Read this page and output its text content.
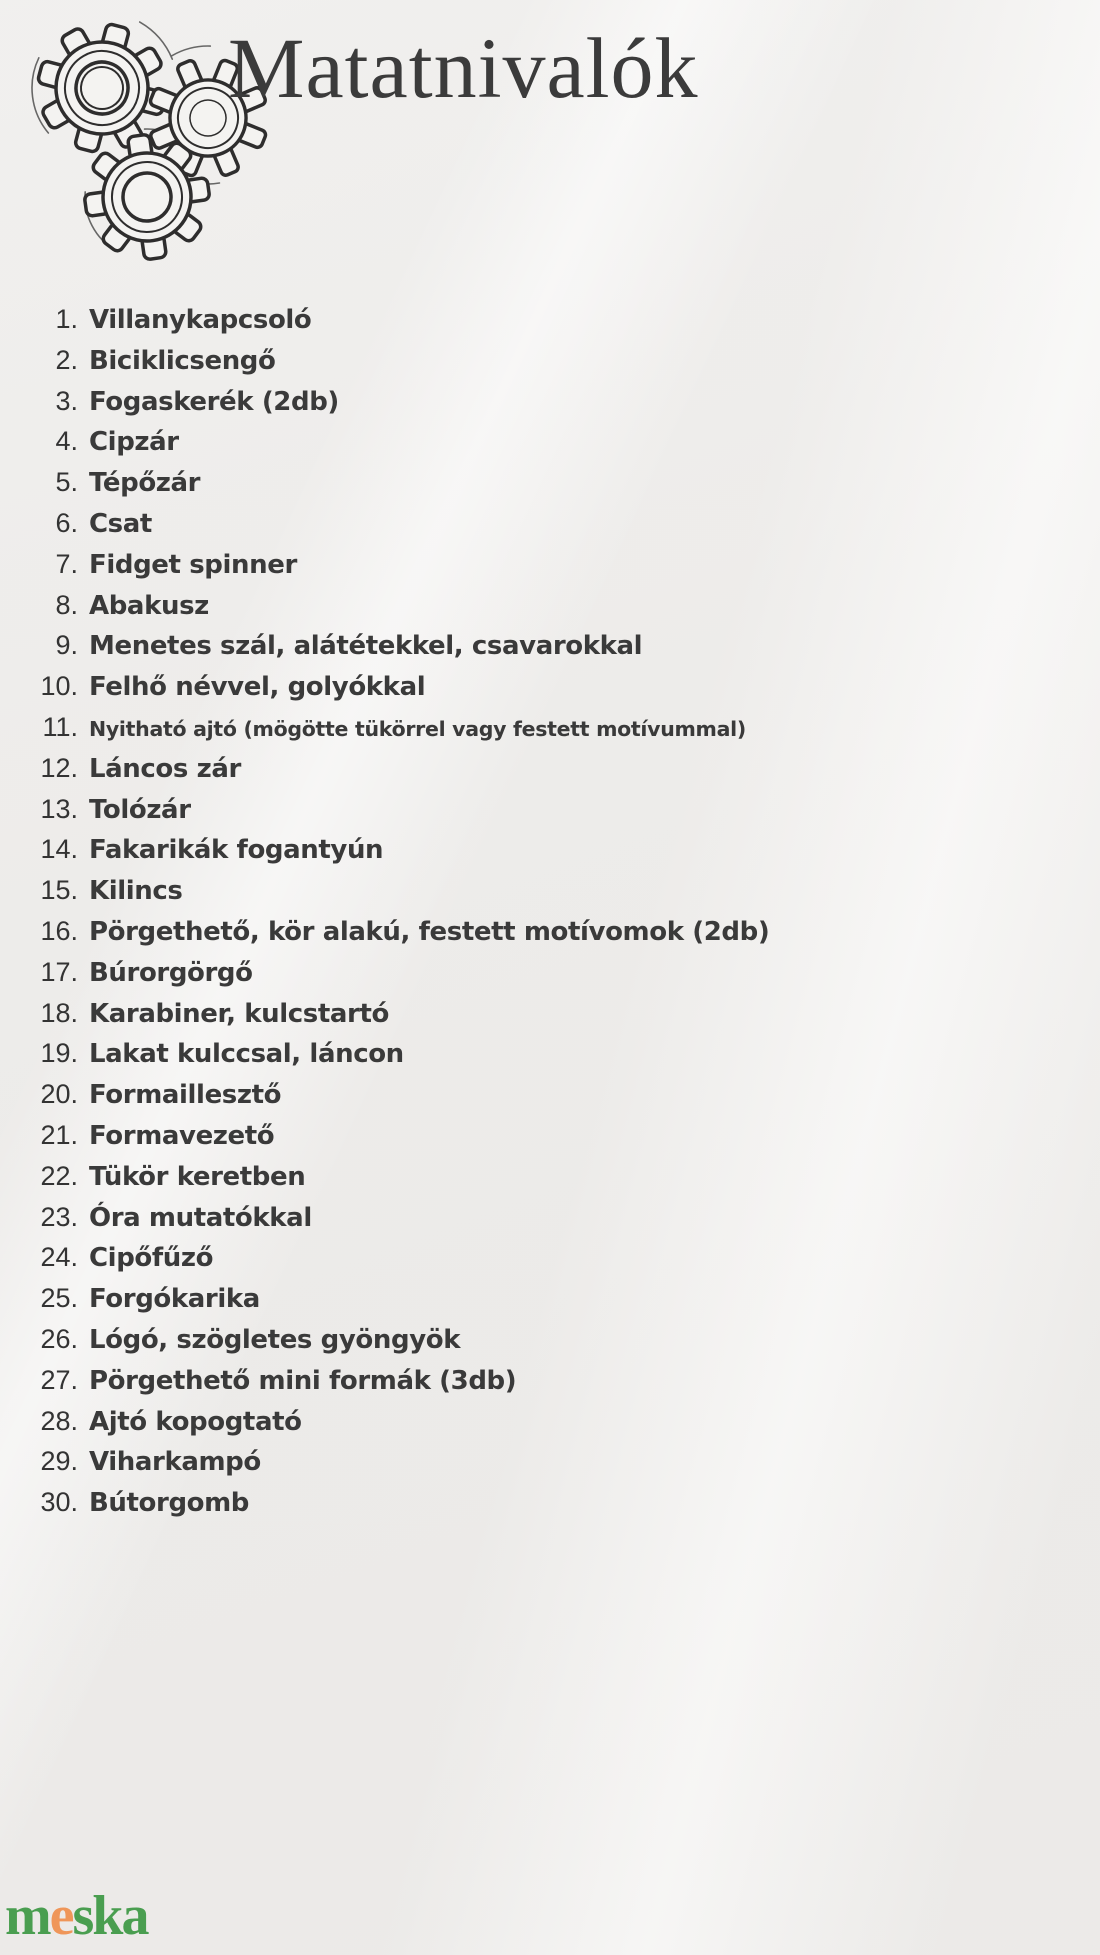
Matatnivalók
1. Villanykapcsoló
2. Biciklicsengő
3. Fogaskerék (2db)
4. Cipzár
5. Tépőzár
6. Csat
7. Fidget spinner
8. Abakusz
9. Menetes szál, alátétekkel, csavarokkal
10. Felhő névvel, golyókkal
11. Nyitható ajtó (mögötte tükörrel vagy festett motívummal)
12. Láncos zár
13. Tolózár
14. Fakarikák fogantyún
15. Kilincs
16. Pörgethető, kör alakú, festett motívomok (2db)
17. Búrorgörgő
18. Karabiner, kulcstartó
19. Lakat kulccsal, láncon
20. Formaillesztő
21. Formavezető
22. Tükör keretben
23. Óra mutatókkal
24. Cipőfűző
25. Forgókarika
26. Lógó, szögletes gyöngyök
27. Pörgethető mini formák (3db)
28. Ajtó kopogtató
29. Viharkampó
30. Bútorgomb
meska
